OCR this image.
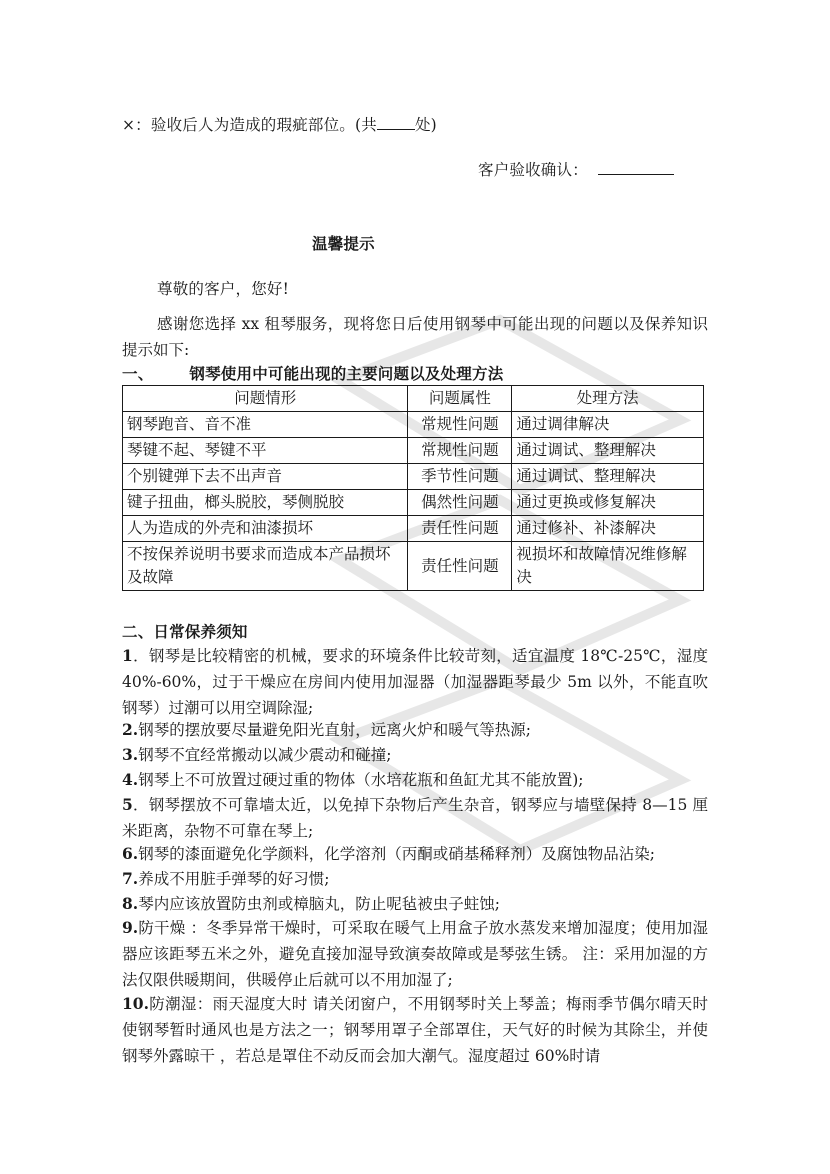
×：验收后人为造成的瑕疵部位。(共 处)
客户验收确认：
温馨提示
尊敬的客户，您好!
感谢您选择 xx 租琴服务，现将您日后使用钢琴中可能出现的问题以及保养知识提示如下:
一、 钢琴使用中可能出现的主要问题以及处理方法
问题情形	问题属性	处理方法
钢琴跑音、音不准	常规性问题	通过调律解决
琴键不起、琴键不平	常规性问题	通过调试、整理解决
个别键弹下去不出声音	季节性问题	通过调试、整理解决
键子扭曲，榔头脱胶，琴侧脱胶	偶然性问题	通过更换或修复解决
人为造成的外壳和油漆损坏	责任性问题	通过修补、补漆解决
不按保养说明书要求而造成本产品损坏及故障	责任性问题	视损坏和故障情况维修解决
二、日常保养须知
1．钢琴是比较精密的机械，要求的环境条件比较苛刻，适宜温度 18℃-25℃，湿度 40%-60%，过于干燥应在房间内使用加湿器（加湿器距琴最少 5m 以外，不能直吹钢琴）过潮可以用空调除湿;
2.钢琴的摆放要尽量避免阳光直射，远离火炉和暖气等热源;
3.钢琴不宜经常搬动以减少震动和碰撞;
4.钢琴上不可放置过硬过重的物体（水培花瓶和鱼缸尤其不能放置);
5．钢琴摆放不可靠墙太近，以免掉下杂物后产生杂音，钢琴应与墙壁保持 8—15 厘米距离，杂物不可靠在琴上;
6.钢琴的漆面避免化学颜料，化学溶剂（丙酮或硝基稀释剂）及腐蚀物品沾染;
7.养成不用脏手弹琴的好习惯;
8.琴内应该放置防虫剂或樟脑丸，防止呢毡被虫子蛀蚀;
9.防干燥 ：冬季异常干燥时，可采取在暖气上用盒子放水蒸发来增加湿度；使用加湿器应该距琴五米之外，避免直接加湿导致演奏故障或是琴弦生锈。 注：采用加湿的方法仅限供暖期间，供暖停止后就可以不用加湿了;
10.防潮湿：雨天湿度大时 请关闭窗户，不用钢琴时关上琴盖；梅雨季节偶尔晴天时使钢琴暂时通风也是方法之一；钢琴用罩子全部罩住，天气好的时候为其除尘，并使钢琴外露晾干 ，若总是罩住不动反而会加大潮气。湿度超过 60%时请
